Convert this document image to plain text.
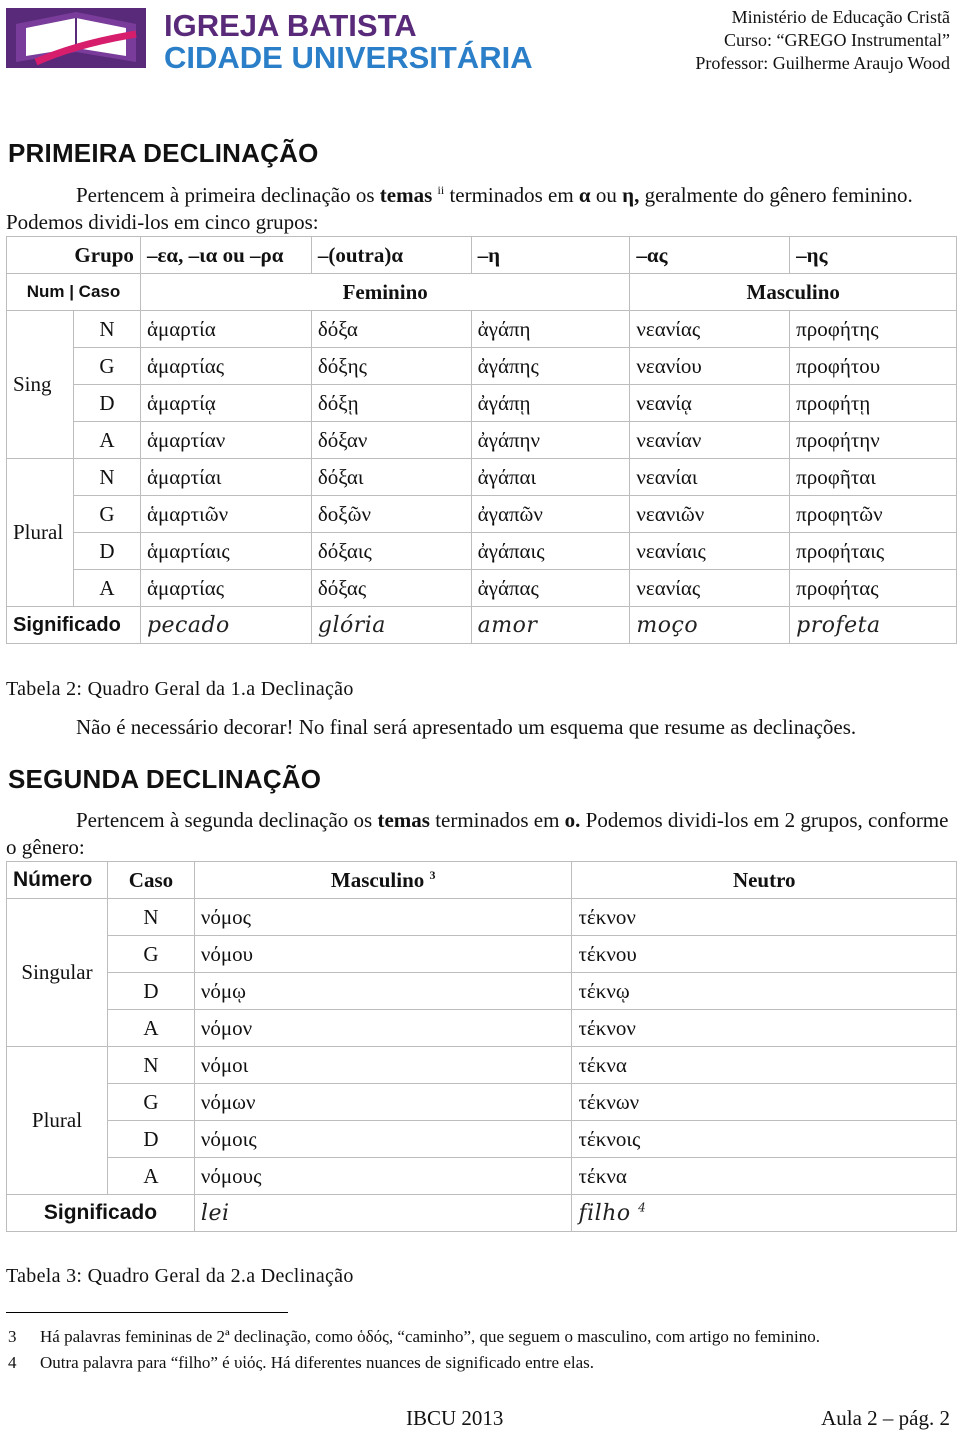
IGREJA BATISTA
CIDADE UNIVERSITÁRIA
Ministério de Educação Cristã
Curso: “GREGO Instrumental”
Professor: Guilherme Araujo Wood
PRIMEIRA DECLINAÇÃO

Pertencem à primeira declinação os temas $^{ii}$ terminados em α ou η, geralmente do gênero feminino. Podemos dividi-los em cinco grupos:

Grupo		–εα, –ια ou –ρα	–(outra)α	–η	–ας	–ης
Num | Caso		Feminino			Masculino	
Sing	N	ἁμαρτία	δόξα	ἀγάπη	νεανίας	προφήτης
	G	ἁμαρτίας	δόξης	ἀγάπης	νεανίου	προφήτου
	D	ἁμαρτίᾳ	δόξῃ	ἀγάπῃ	νεανίᾳ	προφήτῃ
	A	ἁμαρτίαν	δόξαν	ἀγάπην	νεανίαν	προφήτην
Plural	N	ἁμαρτίαι	δόξαι	ἀγάπαι	νεανίαι	προφῆται
	G	ἁμαρτιῶν	δοξῶν	ἀγαπῶν	νεανιῶν	προφητῶν
	D	ἁμαρτίαις	δόξαις	ἀγάπαις	νεανίαις	προφήταις
	A	ἁμαρτίας	δόξας	ἀγάπας	νεανίας	προφήτας
Significado		pecado	glória	amor	moço	profeta
Tabela 2: Quadro Geral da 1.a Declinação

Não é necessário decorar! No final será apresentado um esquema que resume as declinações.

SEGUNDA DECLINAÇÃO

Pertencem à segunda declinação os temas terminados em o. Podemos dividi-los em 2 grupos, conforme o gênero:

Número	Caso	Masculino $^3$	Neutro
Singular	N	νόμος	τέκνον
	G	νόμου	τέκνου
	D	νόμῳ	τέκνῳ
	A	νόμον	τέκνον
Plural	N	νόμοι	τέκνα
	G	νόμων	τέκνων
	D	νόμοις	τέκνοις
	A	νόμους	τέκνα
Significado		lei	filho $^4$
Tabela 3: Quadro Geral da 2.a Declinação
3 Há palavras femininas de 2ª declinação, como ὁδός, “caminho”, que seguem o masculino, com artigo no feminino.
4 Outra palavra para “filho” é υἱός. Há diferentes nuances de significado entre elas.
IBCU 2013	Aula 2 – pág. 2
